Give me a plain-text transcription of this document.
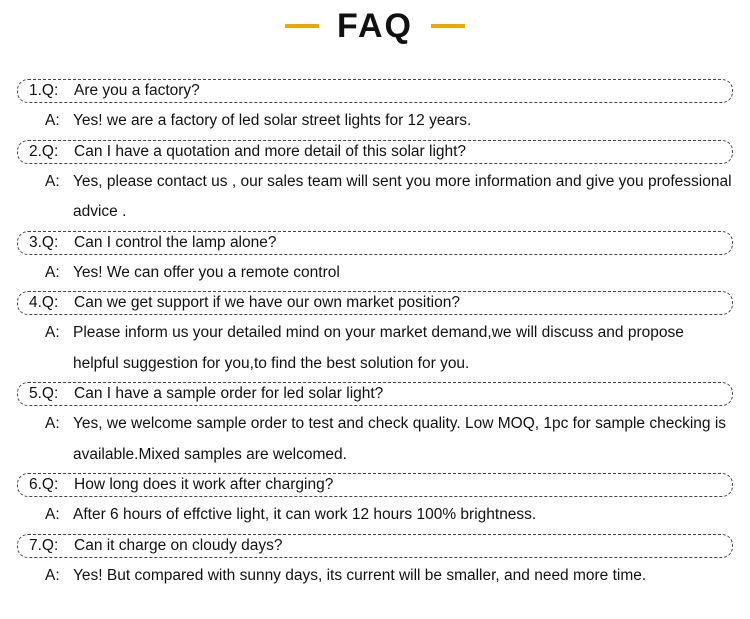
FAQ
1.Q: Are you a factory?
A: Yes! we are a factory of led solar street lights for 12 years.
2.Q: Can I have a quotation and more detail of this solar light?
A: Yes, please contact us , our sales team will sent you more information and give you professional advice .
3.Q: Can I control the lamp alone?
A: Yes! We can offer you a remote control
4.Q: Can we get support if we have our own market position?
A: Please inform us your detailed mind on your market demand,we will discuss and propose helpful suggestion for you,to find the best solution for you.
5.Q: Can I have a sample order for led solar light?
A: Yes, we welcome sample order to test and check quality. Low MOQ, 1pc for sample checking is available.Mixed samples are welcomed.
6.Q: How long does it work after charging?
A: After 6 hours of effctive light, it can work 12 hours 100% brightness.
7.Q: Can it charge on cloudy days?
A: Yes! But compared with sunny days, its current will be smaller, and need more time.
